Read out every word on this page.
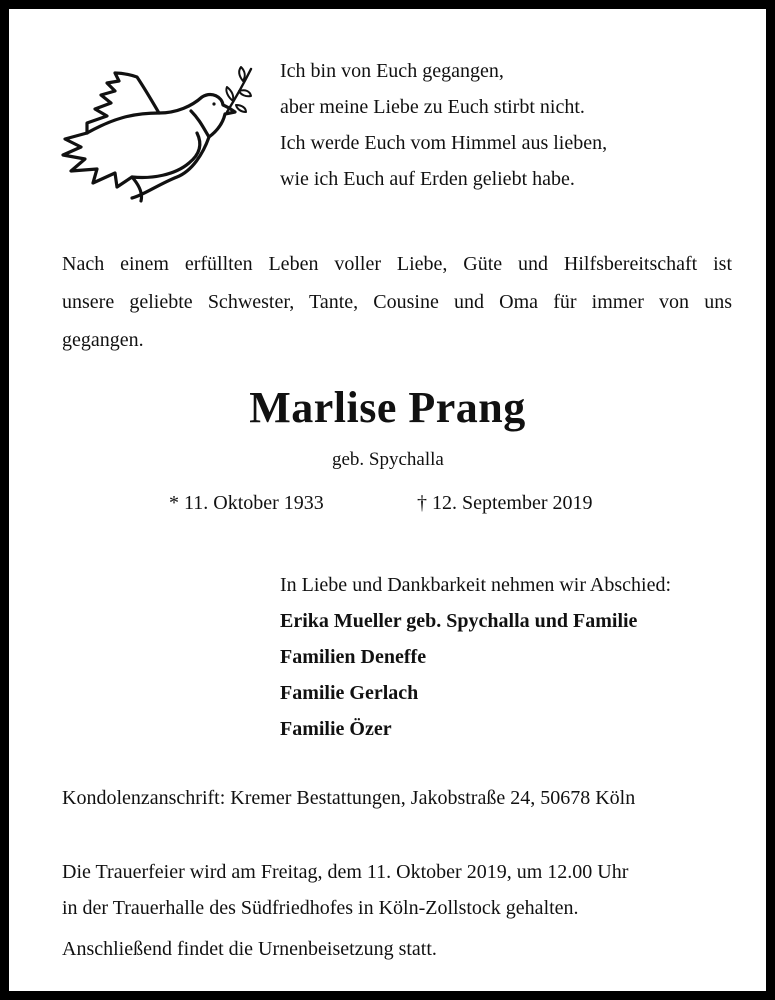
Ich bin von Euch gegangen,
aber meine Liebe zu Euch stirbt nicht.
Ich werde Euch vom Himmel aus lieben,
wie ich Euch auf Erden geliebt habe.
Nach einem erfüllten Leben voller Liebe, Güte und Hilfsbereitschaft ist
unsere geliebte Schwester, Tante, Cousine und Oma für immer von uns
gegangen.
Marlise Prang
geb. Spychalla
* 11. Oktober 1933	† 12. September 2019
In Liebe und Dankbarkeit nehmen wir Abschied:
Erika Mueller geb. Spychalla und Familie
Familien Deneffe
Familie Gerlach
Familie Özer
Kondolenzanschrift: Kremer Bestattungen, Jakobstraße 24, 50678 Köln
Die Trauerfeier wird am Freitag, dem 11. Oktober 2019, um 12.00 Uhr
in der Trauerhalle des Südfriedhofes in Köln-Zollstock gehalten.
Anschließend findet die Urnenbeisetzung statt.
